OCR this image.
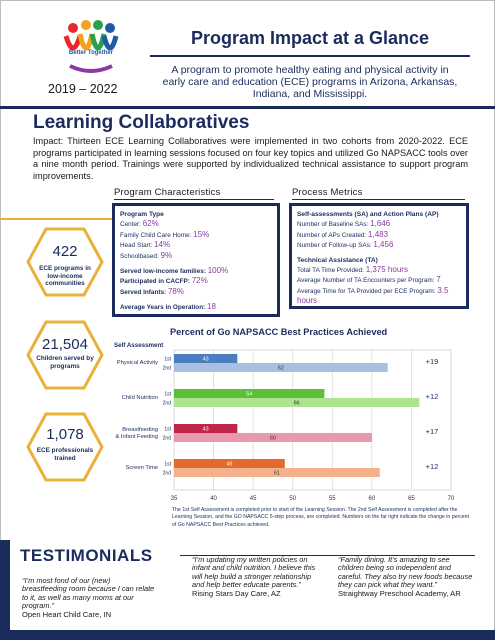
Better Together
2019 – 2022
Program Impact at a Glance
A program to promote healthy eating and physical activity in early care and education (ECE) programs in Arizona, Arkansas, Indiana, and Mississippi.
Learning Collaboratives
Impact: Thirteen ECE Learning Collaboratives were implemented in two cohorts from 2020-2022. ECE programs participated in learning sessions focused on four key topics and utilized Go NAPSACC tools over a nine month period. Trainings were supported by individualized technical assistance to support program improvements.
Program Characteristics	Process Metrics
Program Type
Center: 62%
Family Child Care Home: 15%
Head Start: 14%
Schoolbased: 9%
Served low-income families: 100%
Participated in CACFP: 72%
Served Infants: 78%
Average Years in Operation: 18
Self-assessments (SA) and Action Plans (AP)
Number of Baseline SAs: 1,646
Number of APs Created: 1,483
Number of Follow-up SAs: 1,456
Technical Assistance (TA)
Total TA Time Provided: 1,375 hours
Average Number of TA Encounters per Program: 7
Average Time for TA Provided per ECE Program: 3.5 hours
422
ECE programs in low-income communities
21,504
Children served by programs
1,078
ECE professionals trained
Percent of Go NAPSACC Best Practices Achieved
35	40	45	50	55	60	65	70
Self Assessment
Physical Activity
1st	43
2nd	62
+19
Child Nutrition
1st	54
2nd	66
+12
Breastfeeding
& Infant Feeding
1st	43
2nd	60
+17
Screen Time
1st	49
2nd	61
+12
The 1st Self Assessment is completed prior to start of the Learning Session. The 2nd Self Assessment is completed after the Learning Session, and the GO NAPSACC 5-step process, are completed. Numbers on the far right indicate the change in percent of Go NAPSACC Best Practices achieved.
TESTIMONIALS
“I’m most fond of our (new) breastfeeding room because I can relate to it, as well as many moms at our program.”
Open Heart Child Care, IN
“I’m updating my written policies on infant and child nutrition. I believe this will help build a stronger relationship and help better educate parents.”
Rising Stars Day Care, AZ
“Family dining. It’s amazing to see children being so independent and careful. They also try new foods because they can pick what they want.”
Straightway Preschool Academy, AR
